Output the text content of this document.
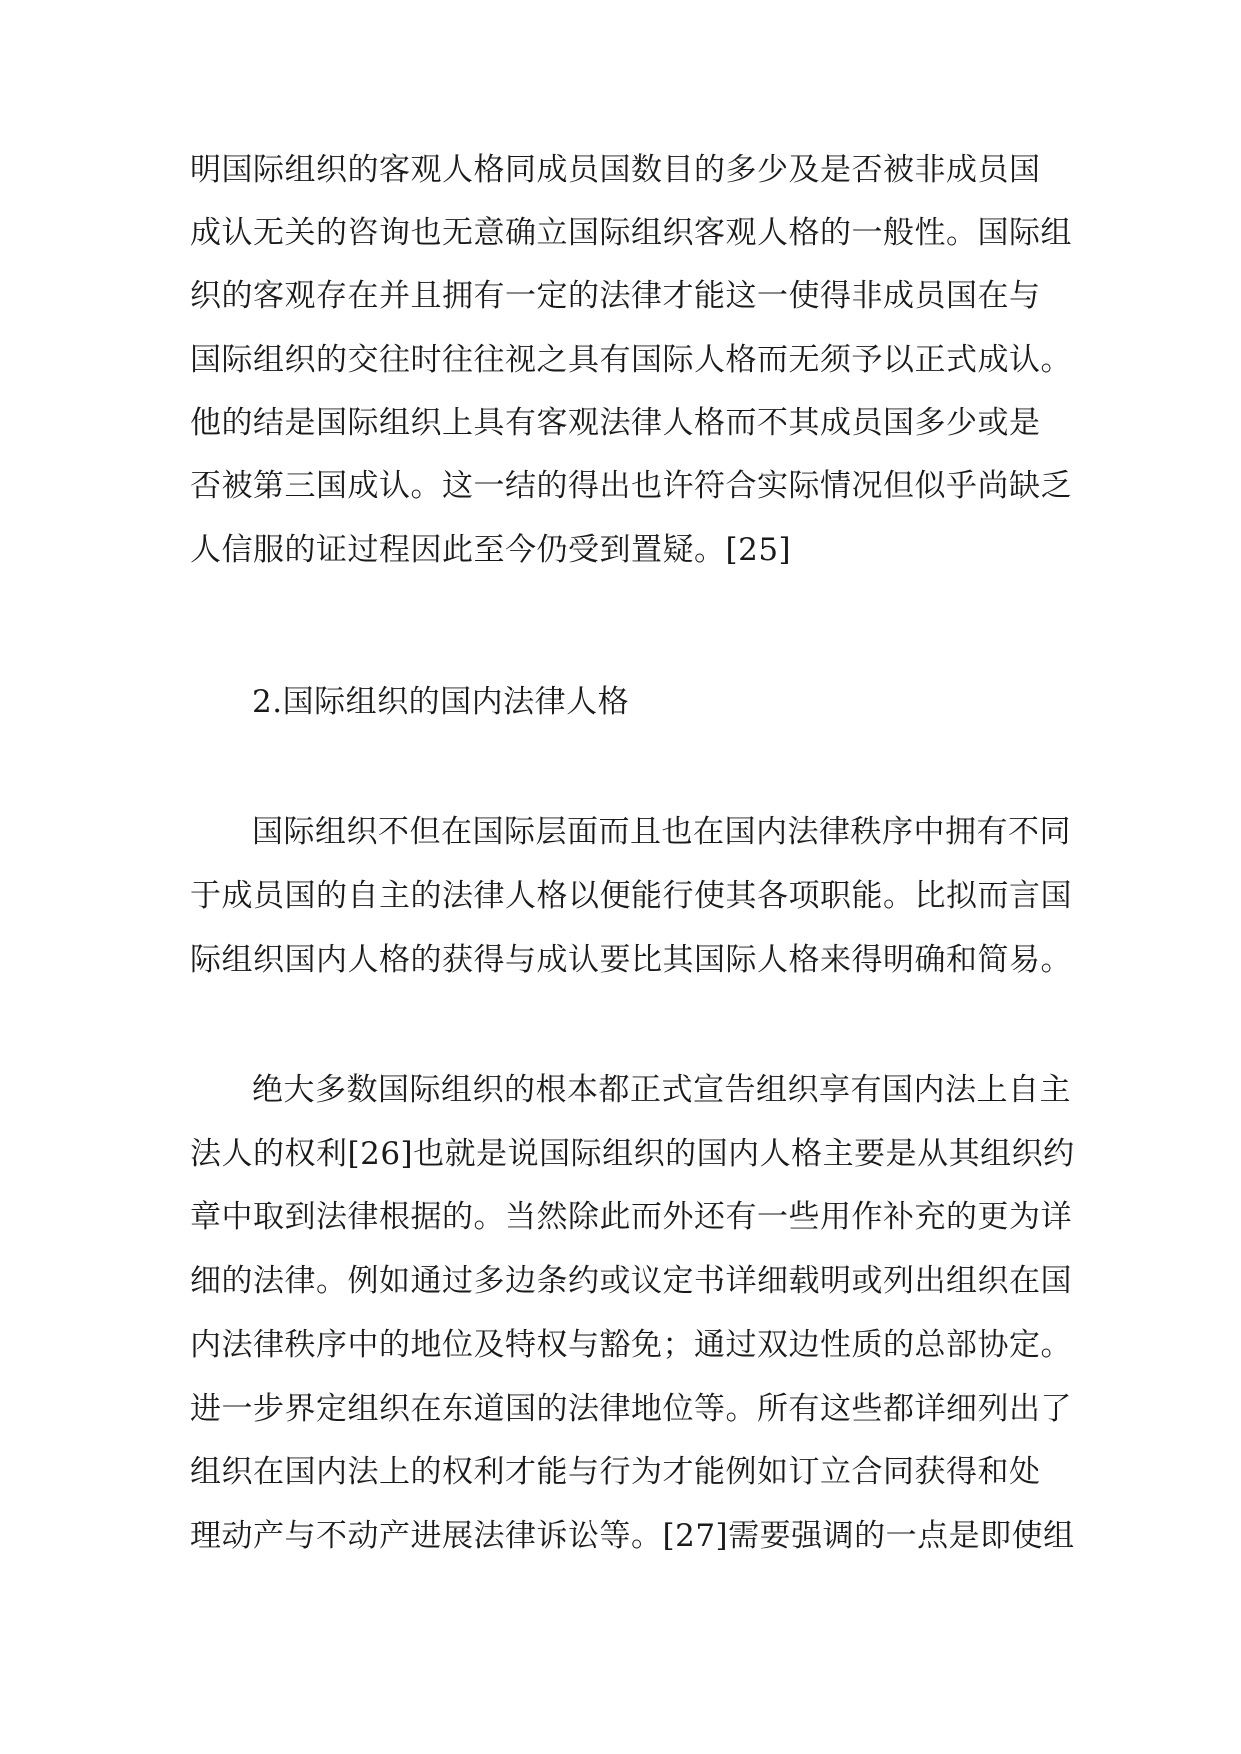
明国际组织的客观人格同成员国数目的多少及是否被非成员国
成认无关的咨询也无意确立国际组织客观人格的一般性。国际组
织的客观存在并且拥有一定的法律才能这一使得非成员国在与
国际组织的交往时往往视之具有国际人格而无须予以正式成认。
他的结是国际组织上具有客观法律人格而不其成员国多少或是
否被第三国成认。这一结的得出也许符合实际情况但似乎尚缺乏
人信服的证过程因此至今仍受到置疑。[25]
2.国际组织的国内法律人格
国际组织不但在国际层面而且也在国内法律秩序中拥有不同
于成员国的自主的法律人格以便能行使其各项职能。比拟而言国
际组织国内人格的获得与成认要比其国际人格来得明确和简易。
绝大多数国际组织的根本都正式宣告组织享有国内法上自主
法人的权利[26]也就是说国际组织的国内人格主要是从其组织约
章中取到法律根据的。当然除此而外还有一些用作补充的更为详
细的法律。例如通过多边条约或议定书详细载明或列出组织在国
内法律秩序中的地位及特权与豁免；通过双边性质的总部协定。
进一步界定组织在东道国的法律地位等。所有这些都详细列出了
组织在国内法上的权利才能与行为才能例如订立合同获得和处
理动产与不动产进展法律诉讼等。[27]需要强调的一点是即使组
